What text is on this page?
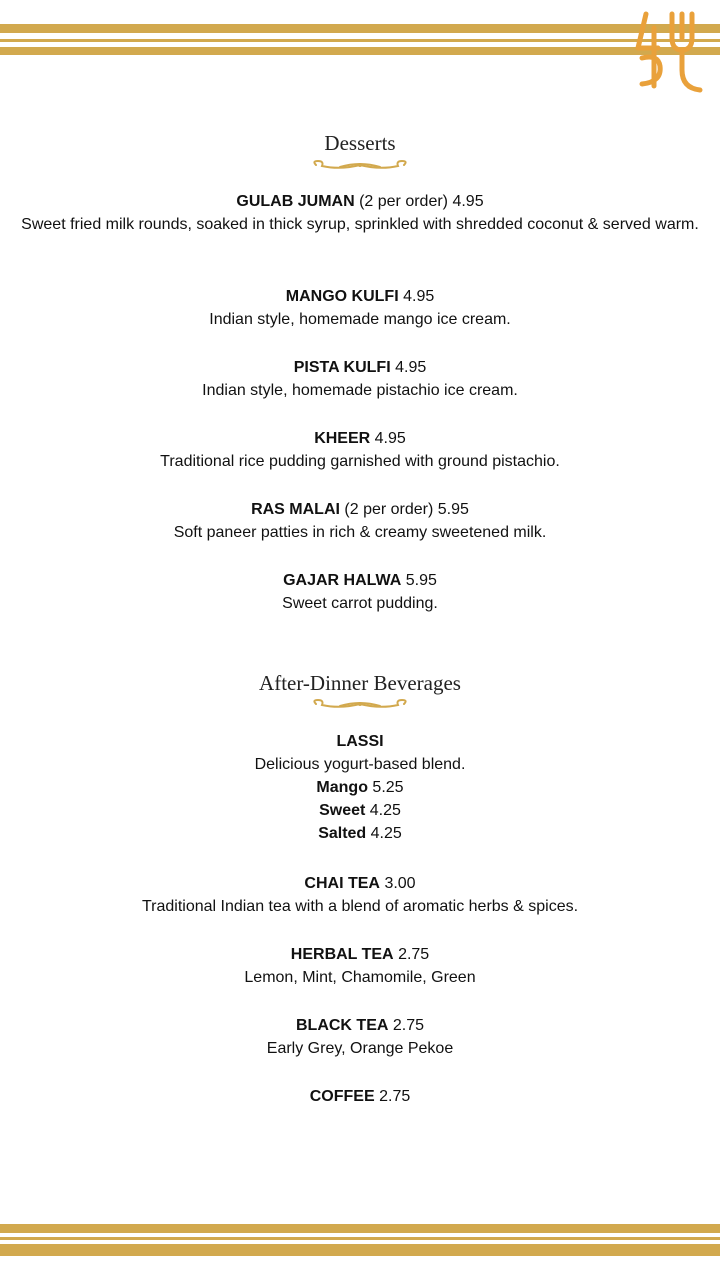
Desserts
GULAB JUMAN (2 per order) 4.95
Sweet fried milk rounds, soaked in thick syrup, sprinkled with shredded coconut & served warm.
MANGO KULFI 4.95
Indian style, homemade mango ice cream.
PISTA KULFI 4.95
Indian style, homemade pistachio ice cream.
KHEER 4.95
Traditional rice pudding garnished with ground pistachio.
RAS MALAI (2 per order) 5.95
Soft paneer patties in rich & creamy sweetened milk.
GAJAR HALWA 5.95
Sweet carrot pudding.
After-Dinner Beverages
LASSI
Delicious yogurt-based blend.
Mango 5.25
Sweet 4.25
Salted 4.25
CHAI TEA 3.00
Traditional Indian tea with a blend of aromatic herbs & spices.
HERBAL TEA 2.75
Lemon, Mint, Chamomile, Green
BLACK TEA 2.75
Early Grey, Orange Pekoe
COFFEE 2.75
